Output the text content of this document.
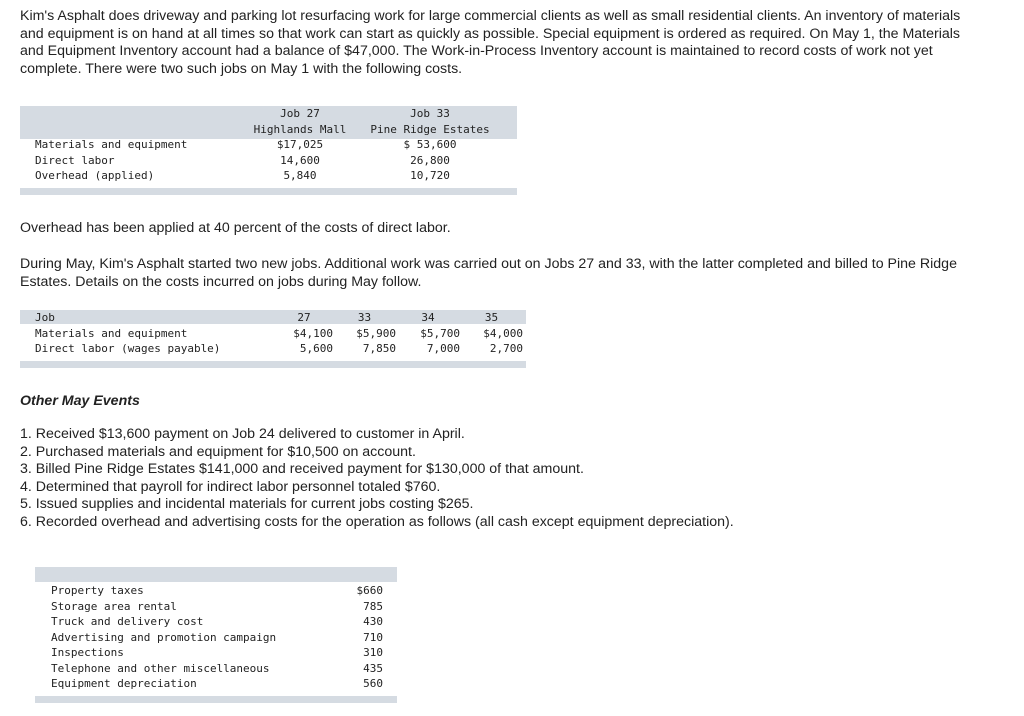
Kim's Asphalt does driveway and parking lot resurfacing work for large commercial clients as well as small residential clients. An inventory of materials and equipment is on hand at all times so that work can start as quickly as possible. Special equipment is ordered as required. On May 1, the Materials and Equipment Inventory account had a balance of $47,000. The Work-in-Process Inventory account is maintained to record costs of work not yet complete. There were two such jobs on May 1 with the following costs.

	Job 27	Job 33
	Highlands Mall	Pine Ridge Estates
Materials and equipment	$17,025	$ 53,600
Direct labor	14,600	26,800
Overhead (applied)	5,840	10,720

Overhead has been applied at 40 percent of the costs of direct labor.

During May, Kim's Asphalt started two new jobs. Additional work was carried out on Jobs 27 and 33, with the latter completed and billed to Pine Ridge Estates. Details on the costs incurred on jobs during May follow.

Job	27	33	34	35
Materials and equipment	$4,100	$5,900	$5,700	$4,000
Direct labor (wages payable)	5,600	7,850	7,000	2,700

Other May Events

1. Received $13,600 payment on Job 24 delivered to customer in April.
2. Purchased materials and equipment for $10,500 on account.
3. Billed Pine Ridge Estates $141,000 and received payment for $130,000 of that amount.
4. Determined that payroll for indirect labor personnel totaled $760.
5. Issued supplies and incidental materials for current jobs costing $265.
6. Recorded overhead and advertising costs for the operation as follows (all cash except equipment depreciation).
Property taxes	$660
Storage area rental	785
Truck and delivery cost	430
Advertising and promotion campaign	710
Inspections	310
Telephone and other miscellaneous	435
Equipment depreciation	560
